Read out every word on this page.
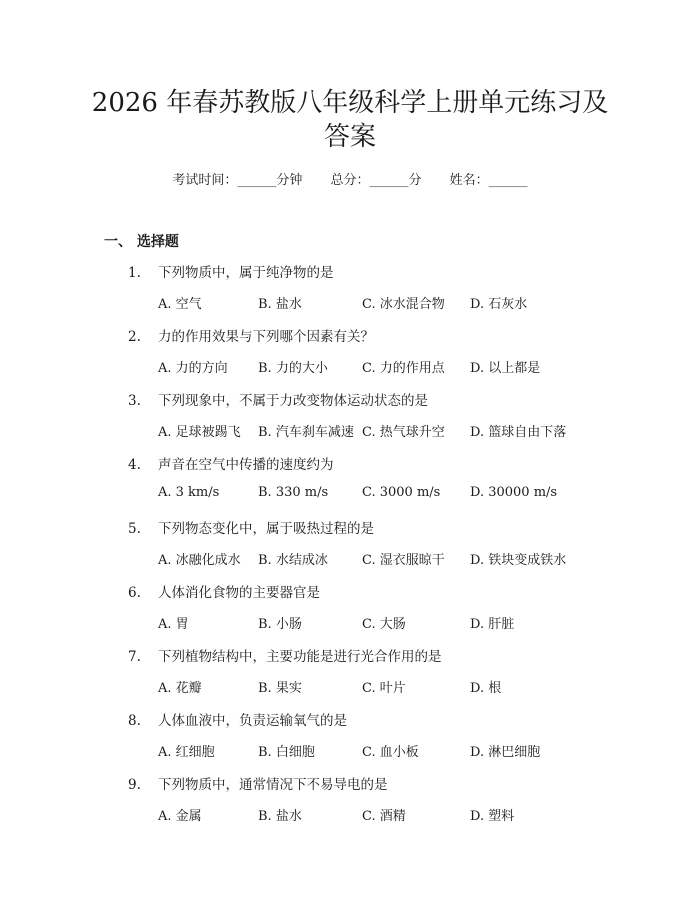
2026 年春苏教版八年级科学上册单元练习及
答案
考试时间：______分钟 总分：______分 姓名：______
一、 选择题
1. 下列物质中，属于纯净物的是
A. 空气	B. 盐水	C. 冰水混合物 D. 石灰水
2. 力的作用效果与下列哪个因素有关？
A. 力的方向 B. 力的大小	C. 力的作用点 D. 以上都是
3. 下列现象中，不属于力改变物体运动状态的是
A. 足球被踢飞 B. 汽车刹车减速 C. 热气球升空 D. 篮球自由下落
4. 声音在空气中传播的速度约为
A. 3 km/s	B. 330 m/s	C. 3000 m/s D. 30000 m/s
5. 下列物态变化中，属于吸热过程的是
A. 冰融化成水 B. 水结成冰	C. 湿衣服晾干 D. 铁块变成铁水
6. 人体消化食物的主要器官是
A. 胃	B. 小肠	C. 大肠	D. 肝脏
7. 下列植物结构中，主要功能是进行光合作用的是
A. 花瓣	B. 果实	C. 叶片	D. 根
8. 人体血液中，负责运输氧气的是
A. 红细胞	B. 白细胞	C. 血小板	D. 淋巴细胞
9. 下列物质中，通常情况下不易导电的是
A. 金属	B. 盐水	C. 酒精	D. 塑料
